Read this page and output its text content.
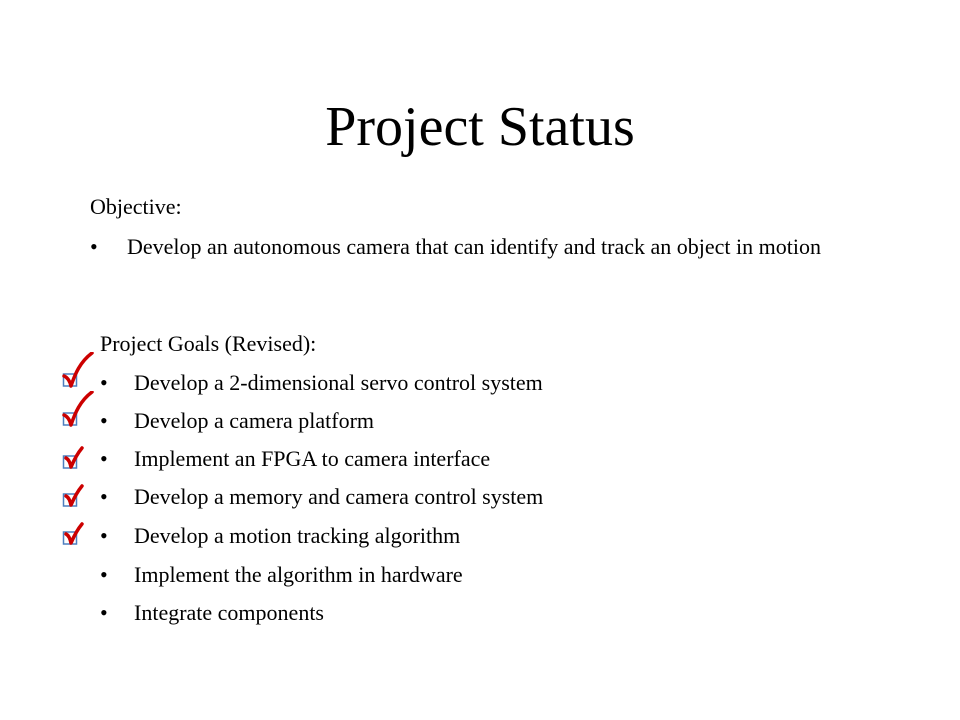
Project Status
Objective:
• Develop an autonomous camera that can identify and track an object in motion
Project Goals (Revised):
• Develop a 2-dimensional servo control system
• Develop a camera platform
• Implement an FPGA to camera interface
• Develop a memory and camera control system
• Develop a motion tracking algorithm
• Implement the algorithm in hardware
• Integrate components
